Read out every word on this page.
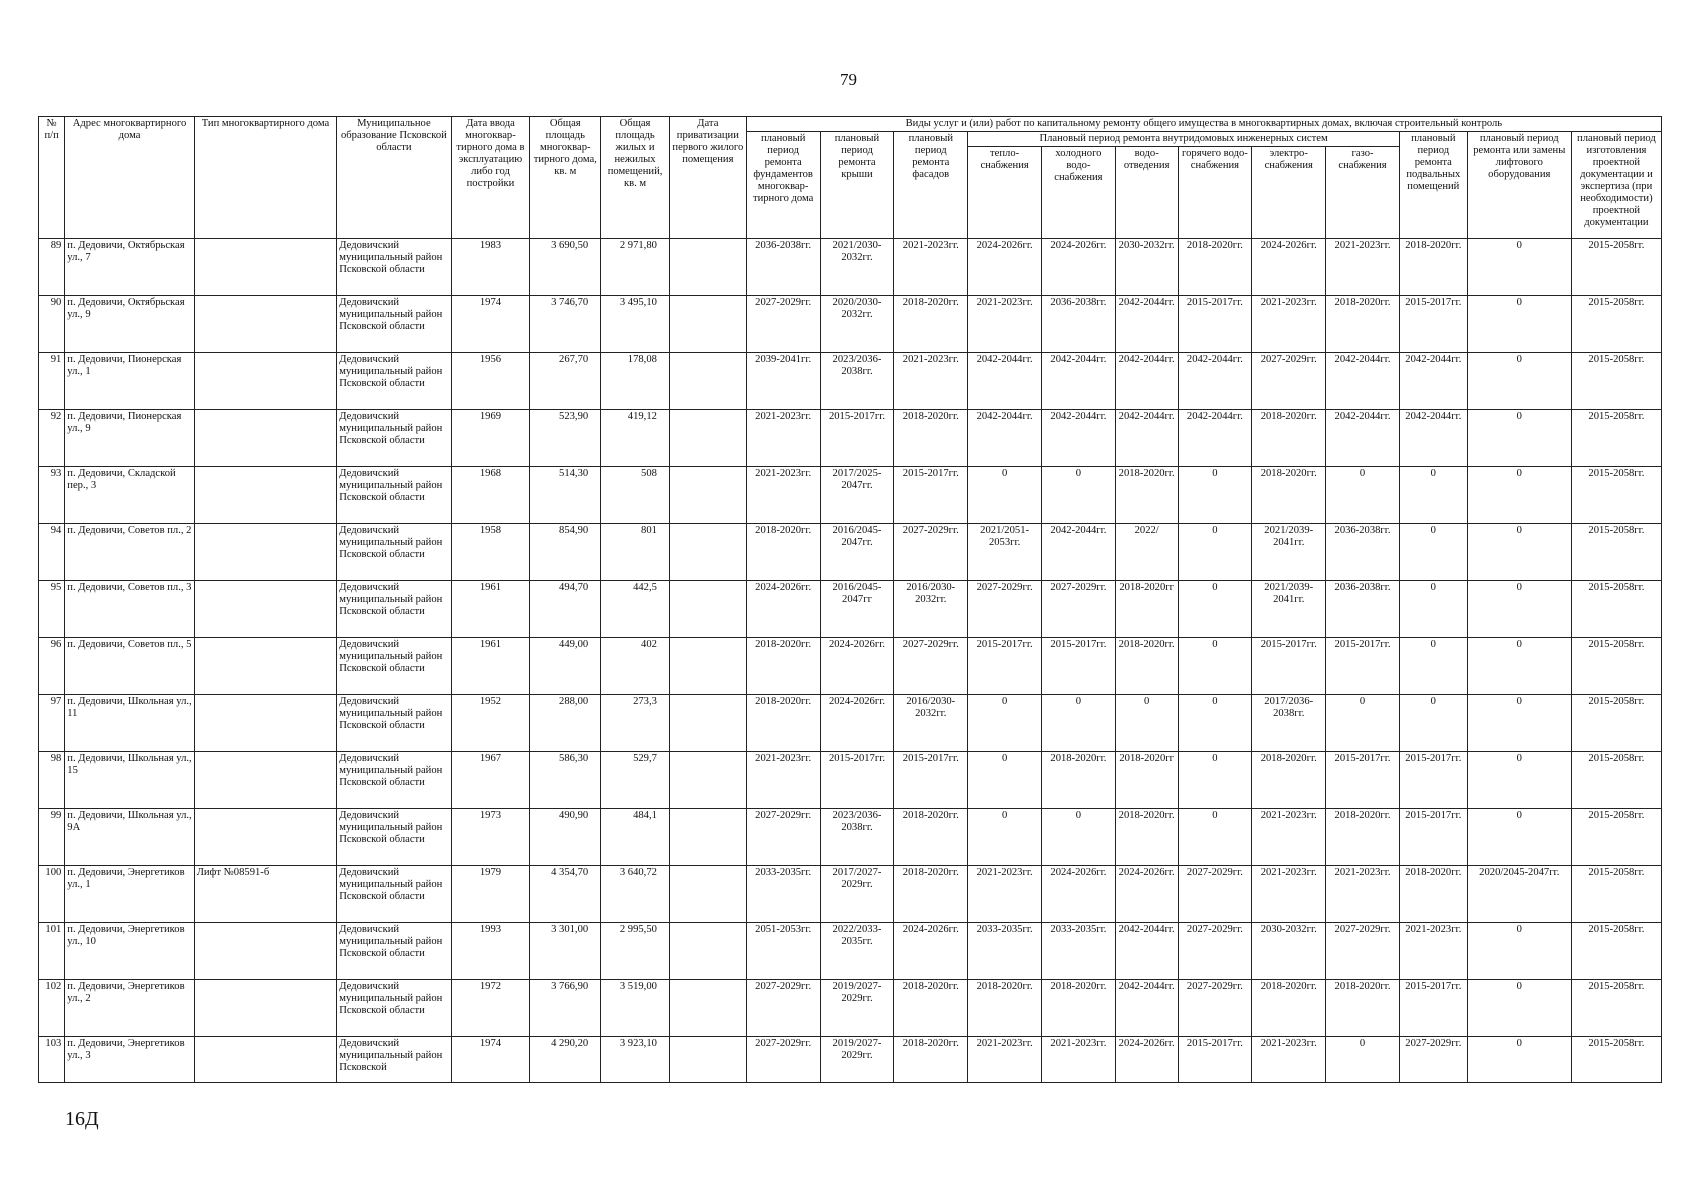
79
№ п/п	Адрес многоквартирного дома	Тип многоквартирного дома	Муниципальное образование Псковской области	Дата ввода многоквар-тирного дома в эксплуатацию либо год постройки	Общая площадь многоквар-тирного дома, кв. м	Общая площадь жилых и нежилых помещений, кв. м	Дата приватизации первого жилого помещения	Виды услуг и (или) работ по капитальному ремонту общего имущества в многоквартирных домах, включая строительный контроль											
								плановый период ремонта фундаментов многоквар-тирного дома	плановый период ремонта крыши	плановый период ремонта фасадов	Плановый период ремонта внутридомовых инженерных систем						плановый период ремонта подвальных помещений	плановый период ремонта или замены лифтового оборудования	плановый период изготовления проектной документации и экспертиза (при необходимости) проектной документации
											тепло-снабжения	холодного водо-снабжения	водо-отведения	горячего водо-снабжения	электро-снабжения	газо-снабжения			
89	п. Дедовичи, Октябрьская ул., 7		Дедовичский муниципальный район Псковской области	1983	3 690,50	2 971,80		2036-2038гг.	2021/2030-2032гг.	2021-2023гг.	2024-2026гг.	2024-2026гг.	2030-2032гг.	2018-2020гг.	2024-2026гг.	2021-2023гг.	2018-2020гг.	0	2015-2058гг.
90	п. Дедовичи, Октябрьская ул., 9		Дедовичский муниципальный район Псковской области	1974	3 746,70	3 495,10		2027-2029гг.	2020/2030-2032гг.	2018-2020гг.	2021-2023гг.	2036-2038гг.	2042-2044гг.	2015-2017гг.	2021-2023гг.	2018-2020гг.	2015-2017гг.	0	2015-2058гг.
91	п. Дедовичи, Пионерская ул., 1		Дедовичский муниципальный район Псковской области	1956	267,70	178,08		2039-2041гг.	2023/2036-2038гг.	2021-2023гг.	2042-2044гг.	2042-2044гг.	2042-2044гг.	2042-2044гг.	2027-2029гг.	2042-2044гг.	2042-2044гг.	0	2015-2058гг.
92	п. Дедовичи, Пионерская ул., 9		Дедовичский муниципальный район Псковской области	1969	523,90	419,12		2021-2023гг.	2015-2017гг.	2018-2020гг.	2042-2044гг.	2042-2044гг.	2042-2044гг.	2042-2044гг.	2018-2020гг.	2042-2044гг.	2042-2044гг.	0	2015-2058гг.
93	п. Дедовичи, Складской пер., 3		Дедовичский муниципальный район Псковской области	1968	514,30	508		2021-2023гг.	2017/2025-2047гг.	2015-2017гг.	0	0	2018-2020гг.	0	2018-2020гг.	0	0	0	2015-2058гг.
94	п. Дедовичи, Советов пл., 2		Дедовичский муниципальный район Псковской области	1958	854,90	801		2018-2020гг.	2016/2045-2047гг.	2027-2029гг.	2021/2051-2053гг.	2042-2044гг.	2022/	0	2021/2039-2041гг.	2036-2038гг.	0	0	2015-2058гг.
95	п. Дедовичи, Советов пл., 3		Дедовичский муниципальный район Псковской области	1961	494,70	442,5		2024-2026гг.	2016/2045-2047гг	2016/2030-2032гг.	2027-2029гг.	2027-2029гг.	2018-2020гг	0	2021/2039-2041гг.	2036-2038гг.	0	0	2015-2058гг.
96	п. Дедовичи, Советов пл., 5		Дедовичский муниципальный район Псковской области	1961	449,00	402		2018-2020гг.	2024-2026гг.	2027-2029гг.	2015-2017гг.	2015-2017гг.	2018-2020гг.	0	2015-2017гг.	2015-2017гг.	0	0	2015-2058гг.
97	п. Дедовичи, Школьная ул., 11		Дедовичский муниципальный район Псковской области	1952	288,00	273,3		2018-2020гг.	2024-2026гг.	2016/2030-2032гг.	0	0	0	0	2017/2036-2038гг.	0	0	0	2015-2058гг.
98	п. Дедовичи, Школьная ул., 15		Дедовичский муниципальный район Псковской области	1967	586,30	529,7		2021-2023гг.	2015-2017гг.	2015-2017гг.	0	2018-2020гг.	2018-2020гг	0	2018-2020гг.	2015-2017гг.	2015-2017гг.	0	2015-2058гг.
99	п. Дедовичи, Школьная ул., 9А		Дедовичский муниципальный район Псковской области	1973	490,90	484,1		2027-2029гг.	2023/2036-2038гг.	2018-2020гг.	0	0	2018-2020гг.	0	2021-2023гг.	2018-2020гг.	2015-2017гг.	0	2015-2058гг.
100	п. Дедовичи, Энергетиков ул., 1	Лифт №08591-б	Дедовичский муниципальный район Псковской области	1979	4 354,70	3 640,72		2033-2035гг.	2017/2027-2029гг.	2018-2020гг.	2021-2023гг.	2024-2026гг.	2024-2026гг.	2027-2029гг.	2021-2023гг.	2021-2023гг.	2018-2020гг.	2020/2045-2047гг.	2015-2058гг.
101	п. Дедовичи, Энергетиков ул., 10		Дедовичский муниципальный район Псковской области	1993	3 301,00	2 995,50		2051-2053гг.	2022/2033-2035гг.	2024-2026гг.	2033-2035гг.	2033-2035гг.	2042-2044гг.	2027-2029гг.	2030-2032гг.	2027-2029гг.	2021-2023гг.	0	2015-2058гг.
102	п. Дедовичи, Энергетиков ул., 2		Дедовичский муниципальный район Псковской области	1972	3 766,90	3 519,00		2027-2029гг.	2019/2027-2029гг.	2018-2020гг.	2018-2020гг.	2018-2020гг.	2042-2044гг.	2027-2029гг.	2018-2020гг.	2018-2020гг.	2015-2017гг.	0	2015-2058гг.
103	п. Дедовичи, Энергетиков ул., 3		Дедовичский муниципальный район Псковской	1974	4 290,20	3 923,10		2027-2029гг.	2019/2027-2029гг.	2018-2020гг.	2021-2023гг.	2021-2023гг.	2024-2026гг.	2015-2017гг.	2021-2023гг.	0	2027-2029гг.	0	2015-2058гг.
16Д
